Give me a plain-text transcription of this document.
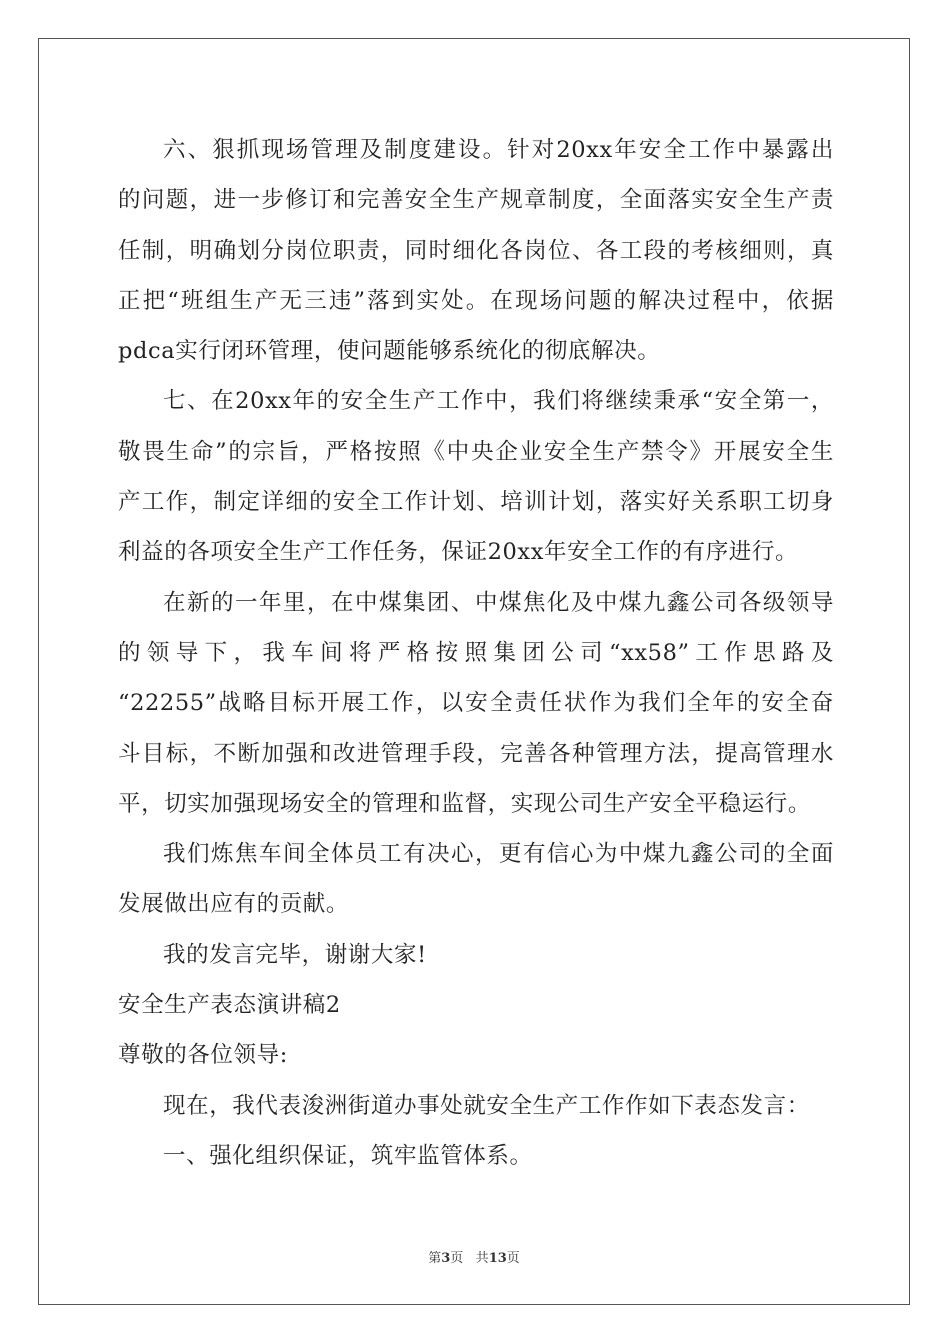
六、狠抓现场管理及制度建设。针对20xx年安全工作中暴露出
的问题，进一步修订和完善安全生产规章制度，全面落实安全生产责
任制，明确划分岗位职责，同时细化各岗位、各工段的考核细则，真
正把“班组生产无三违”落到实处。在现场问题的解决过程中，依据
pdca实行闭环管理，使问题能够系统化的彻底解决。
七、在20xx年的安全生产工作中，我们将继续秉承“安全第一，
敬畏生命”的宗旨，严格按照《中央企业安全生产禁令》开展安全生
产工作，制定详细的安全工作计划、培训计划，落实好关系职工切身
利益的各项安全生产工作任务，保证20xx年安全工作的有序进行。
在新的一年里，在中煤集团、中煤焦化及中煤九鑫公司各级领导
的领导下，我车间将严格按照集团公司“xx58”工作思路及
“22255”战略目标开展工作，以安全责任状作为我们全年的安全奋
斗目标，不断加强和改进管理手段，完善各种管理方法，提高管理水
平，切实加强现场安全的管理和监督，实现公司生产安全平稳运行。
我们炼焦车间全体员工有决心，更有信心为中煤九鑫公司的全面
发展做出应有的贡献。
我的发言完毕，谢谢大家!
安全生产表态演讲稿2
尊敬的各位领导:
现在，我代表浚洲街道办事处就安全生产工作作如下表态发言：
一、强化组织保证，筑牢监管体系。
第3页 共13页
